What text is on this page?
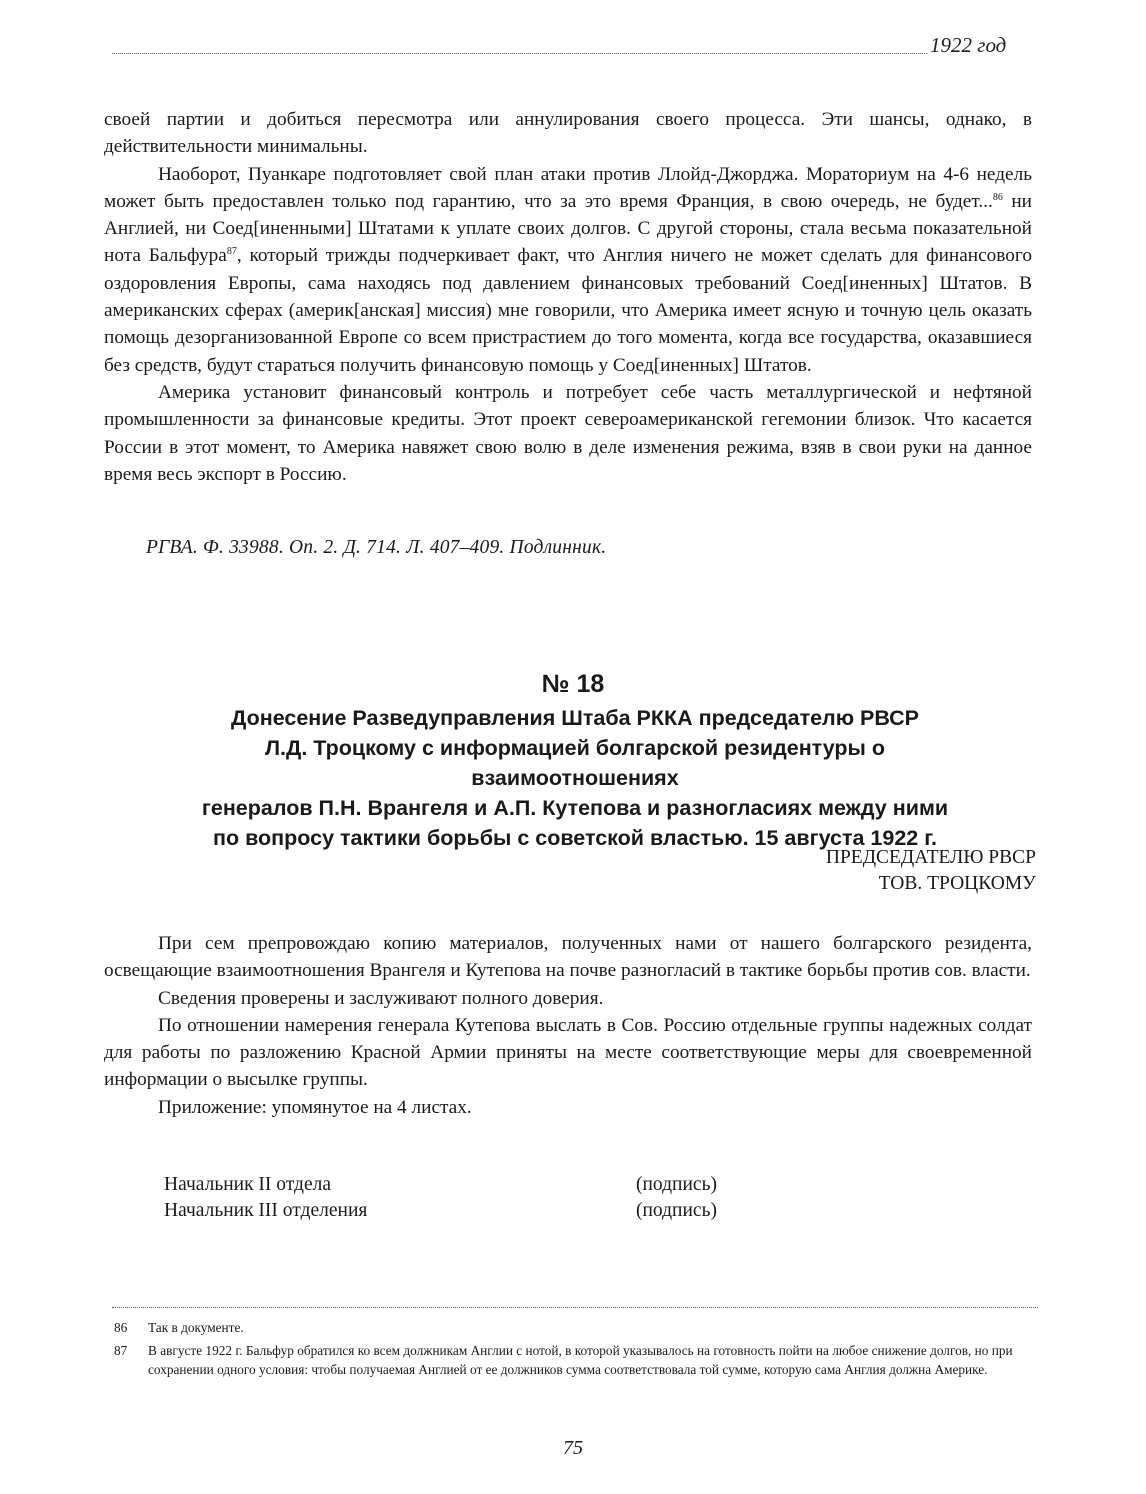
1922 год

своей партии и добиться пересмотра или аннулирования своего процесса. Эти шансы, однако, в действительности минимальны.

Наоборот, Пуанкаре подготовляет свой план атаки против Ллойд-Джорджа. Мораториум на 4-6 недель может быть предоставлен только под гарантию, что за это время Франция, в свою очередь, не будет...$^{86}$ ни Англией, ни Соед[иненными] Штатами к уплате своих долгов. С другой стороны, стала весьма показательной нота Бальфура$^{87}$, который трижды подчеркивает факт, что Англия ничего не может сделать для финансового оздоровления Европы, сама находясь под давлением финансовых требований Соед[иненных] Штатов. В американских сферах (америк[анская] миссия) мне говорили, что Америка имеет ясную и точную цель оказать помощь дезорганизованной Европе со всем пристрастием до того момента, когда все государства, оказавшиеся без средств, будут стараться получить финансовую помощь у Соед[иненных] Штатов.

Америка установит финансовый контроль и потребует себе часть металлургической и нефтяной промышленности за финансовые кредиты. Этот проект североамериканской гегемонии близок. Что касается России в этот момент, то Америка навяжет свою волю в деле изменения режима, взяв в свои руки на данное время весь экспорт в Россию.

РГВА. Ф. 33988. Оп. 2. Д. 714. Л. 407–409. Подлинник.
№ 18
Донесение Разведуправления Штаба РККА председателю РВСР
Л.Д. Троцкому с информацией болгарской резидентуры о взаимоотношениях
генералов П.Н. Врангеля и А.П. Кутепова и разногласиях между ними
по вопросу тактики борьбы с советской властью. 15 августа 1922 г.
ПРЕДСЕДАТЕЛЮ РВСР
ТОВ. ТРОЦКОМУ

При сем препровождаю копию материалов, полученных нами от нашего болгарского резидента, освещающие взаимоотношения Врангеля и Кутепова на почве разногласий в тактике борьбы против сов. власти.

Сведения проверены и заслуживают полного доверия.

По отношении намерения генерала Кутепова выслать в Сов. Россию отдельные группы надежных солдат для работы по разложению Красной Армии приняты на месте соответствующие меры для своевременной информации о высылке группы.

Приложение: упомянутое на 4 листах.

Начальник II отдела	(подпись)
Начальник III отделения	(подпись)
86	Так в документе.
87	В августе 1922 г. Бальфур обратился ко всем должникам Англии с нотой, в которой указывалось на готовность пойти на любое снижение долгов, но при сохранении одного условия: чтобы получаемая Англией от ее должников сумма соответствовала той сумме, которую сама Англия должна Америке.
75
